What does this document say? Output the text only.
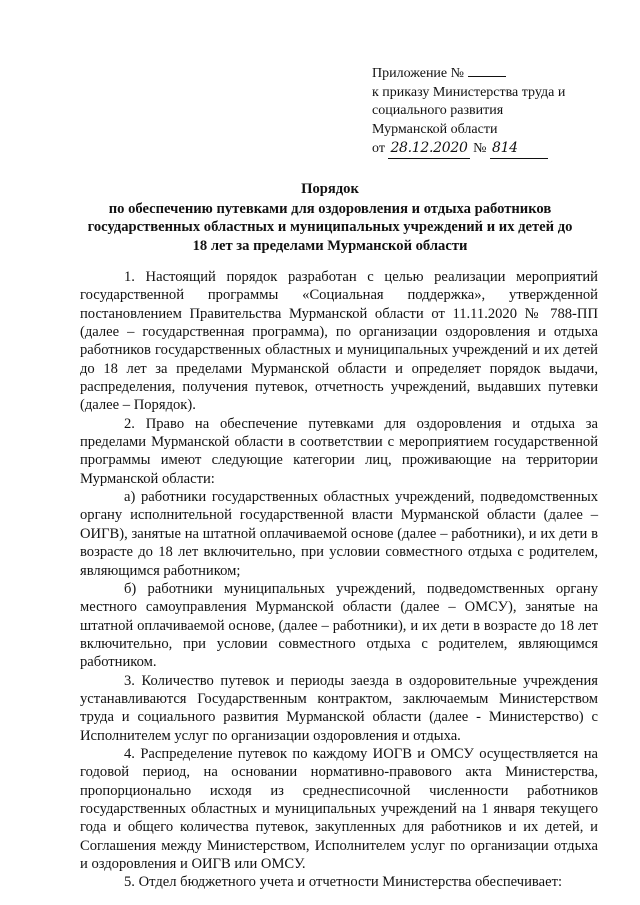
Приложение №
к приказу Министерства труда и
социального развития
Мурманской области
от 28.12.2020 № 814
Порядок
по обеспечению путевками для оздоровления и отдыха работников
государственных областных и муниципальных учреждений и их детей до
18 лет за пределами Мурманской области

1. Настоящий порядок разработан с целью реализации мероприятий государственной программы «Социальная поддержка», утвержденной постановлением Правительства Мурманской области от 11.11.2020 № 788-ПП (далее – государственная программа), по организации оздоровления и отдыха работников государственных областных и муниципальных учреждений и их детей до 18 лет за пределами Мурманской области и определяет порядок выдачи, распределения, получения путевок, отчетность учреждений, выдавших путевки (далее – Порядок).

2. Право на обеспечение путевками для оздоровления и отдыха за пределами Мурманской области в соответствии с мероприятием государственной программы имеют следующие категории лиц, проживающие на территории Мурманской области:

а) работники государственных областных учреждений, подведомственных органу исполнительной государственной власти Мурманской области (далее – ОИГВ), занятые на штатной оплачиваемой основе (далее – работники), и их дети в возрасте до 18 лет включительно, при условии совместного отдыха с родителем, являющимся работником;

б) работники муниципальных учреждений, подведомственных органу местного самоуправления Мурманской области (далее – ОМСУ), занятые на штатной оплачиваемой основе, (далее – работники), и их дети в возрасте до 18 лет включительно, при условии совместного отдыха с родителем, являющимся работником.

3. Количество путевок и периоды заезда в оздоровительные учреждения устанавливаются Государственным контрактом, заключаемым Министерством труда и социального развития Мурманской области (далее - Министерство) с Исполнителем услуг по организации оздоровления и отдыха.

4. Распределение путевок по каждому ИОГВ и ОМСУ осуществляется на годовой период, на основании нормативно-правового акта Министерства, пропорционально исходя из среднесписочной численности работников государственных областных и муниципальных учреждений на 1 января текущего года и общего количества путевок, закупленных для работников и их детей, и Соглашения между Министерством, Исполнителем услуг по организации отдыха и оздоровления и ОИГВ или ОМСУ.

5. Отдел бюджетного учета и отчетности Министерства обеспечивает:
